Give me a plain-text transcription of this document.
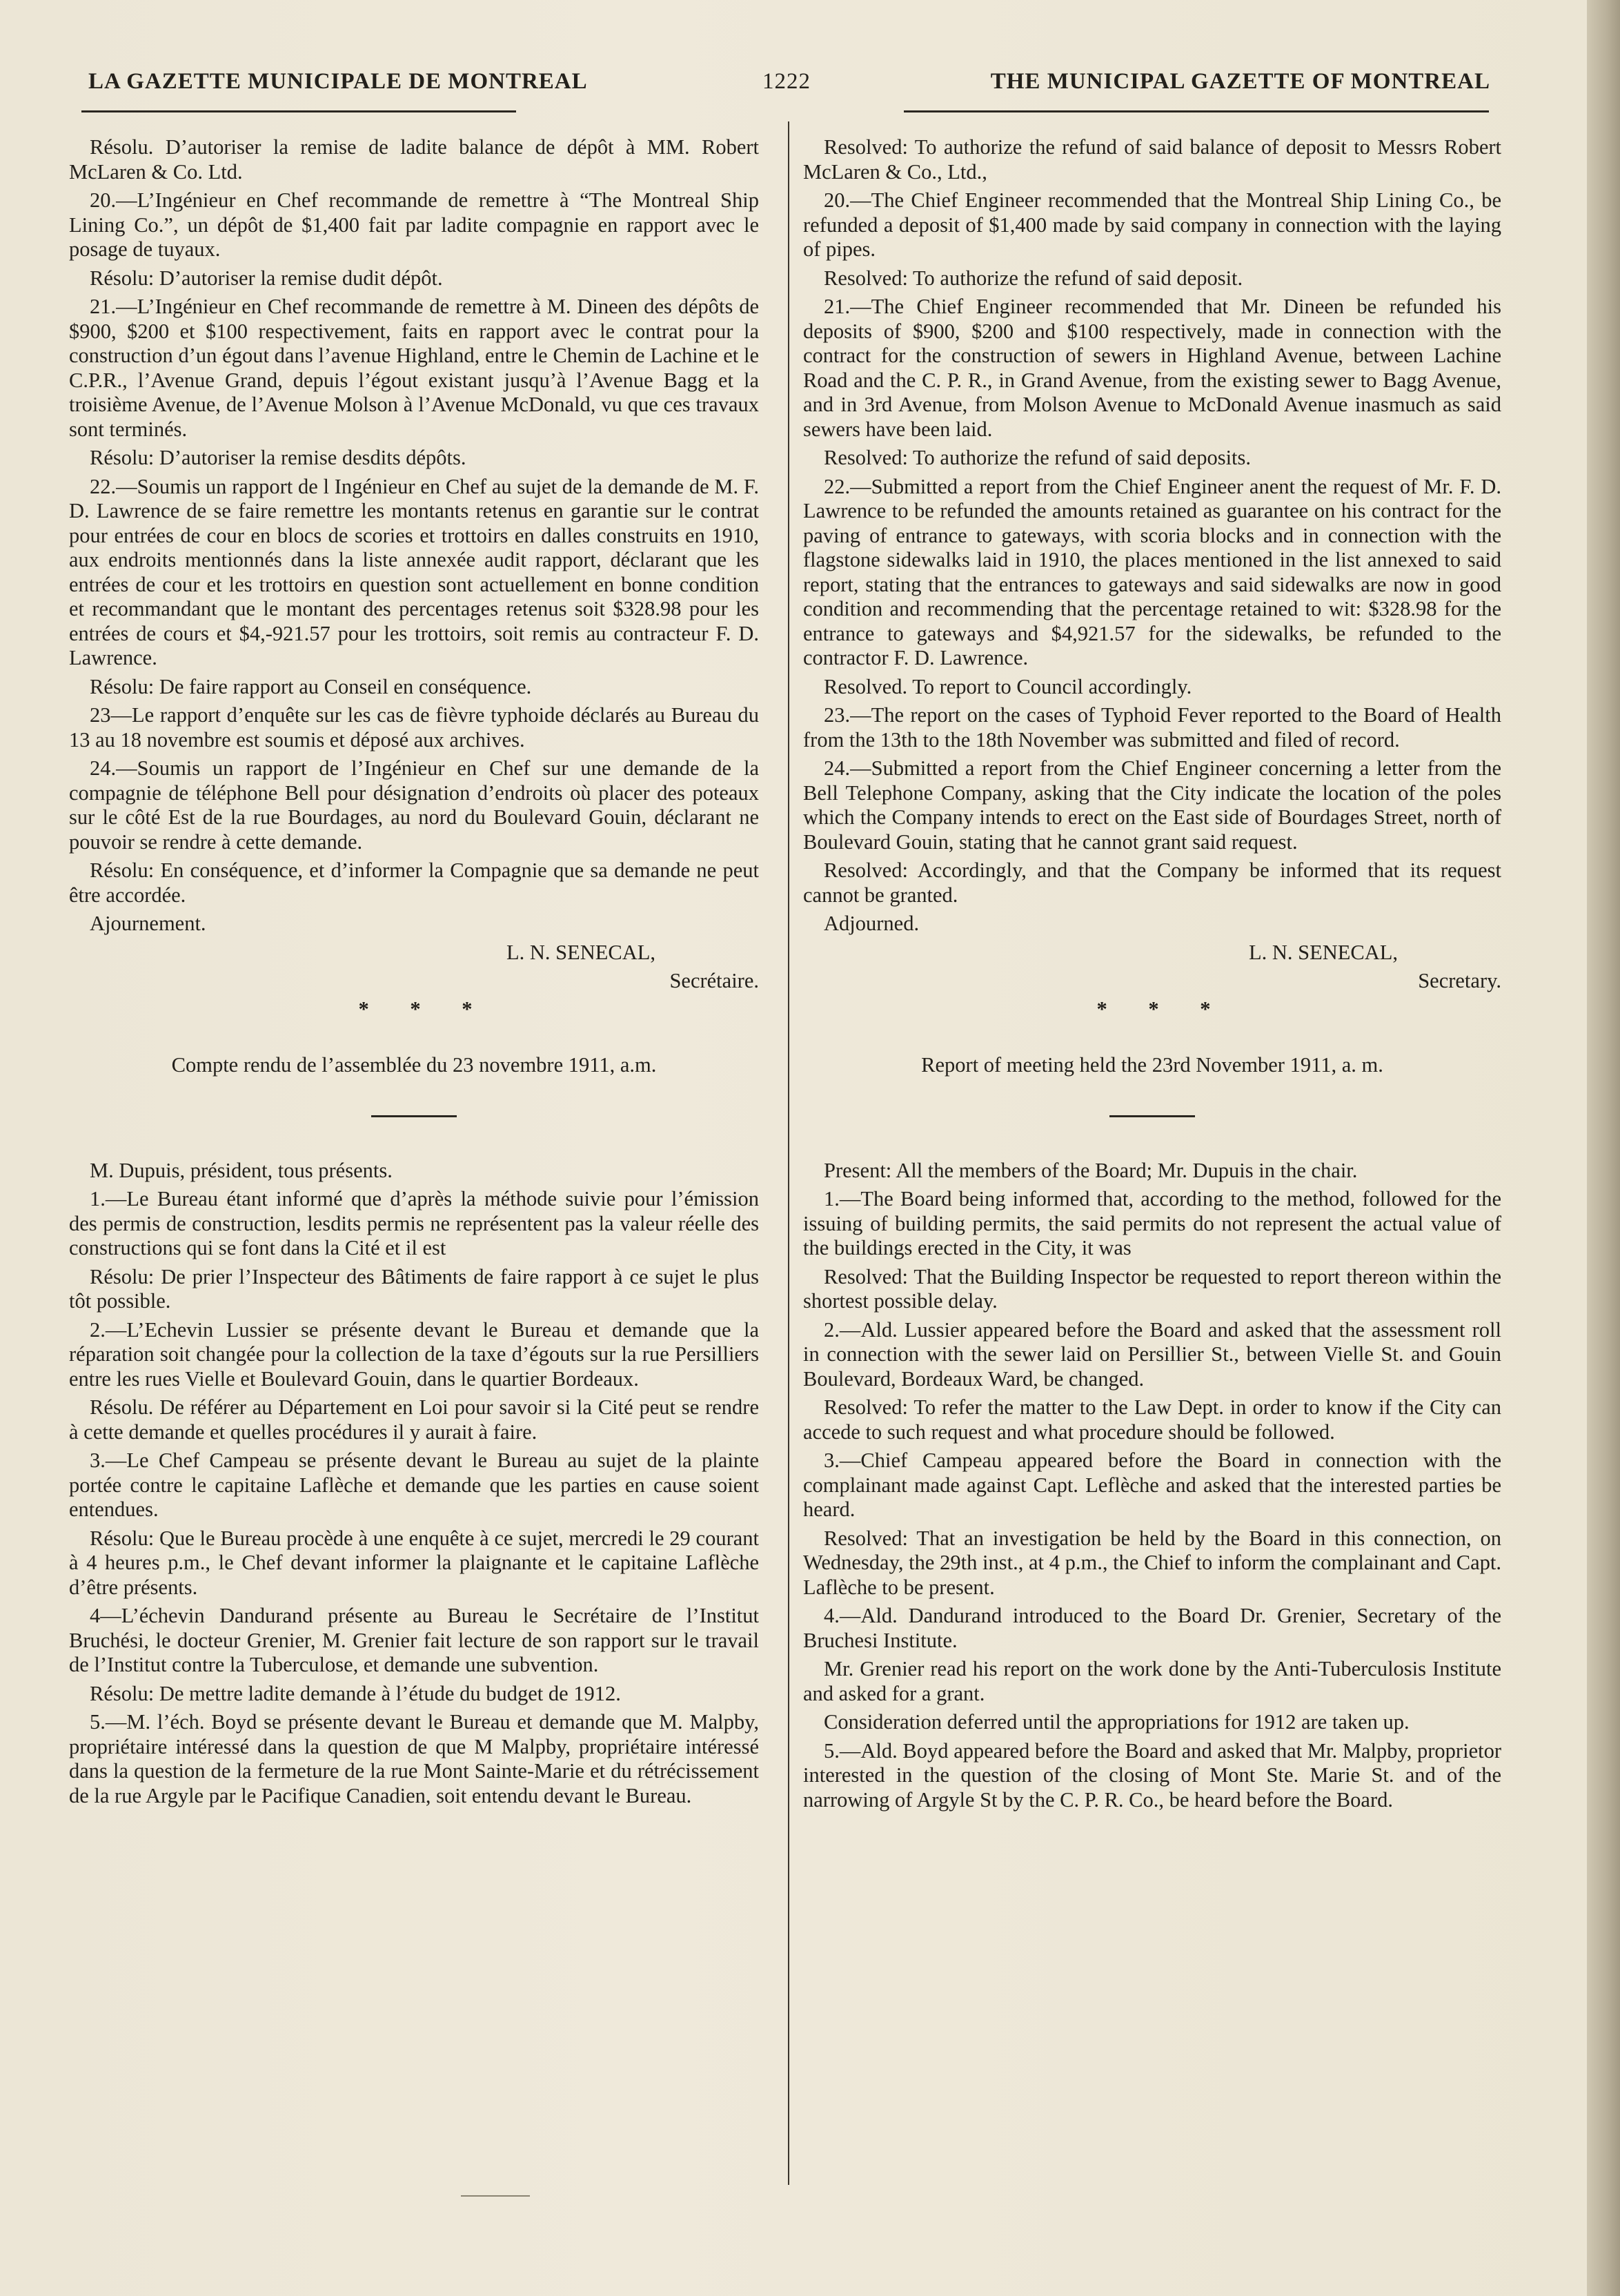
LA GAZETTE MUNICIPALE DE MONTREAL	1222	THE MUNICIPAL GAZETTE OF MONTREAL

Résolu. D’autoriser la remise de ladite balance de dépôt à MM. Robert McLaren & Co. Ltd.

20.—L’Ingénieur en Chef recommande de remettre à “The Montreal Ship Lining Co.”, un dépôt de $1,400 fait par ladite compagnie en rapport avec le posage de tuyaux.

Résolu: D’autoriser la remise dudit dépôt.

21.—L’Ingénieur en Chef recommande de remettre à M. Dineen des dépôts de $900, $200 et $100 respectivement, faits en rapport avec le contrat pour la construction d’un égout dans l’avenue Highland, entre le Chemin de Lachine et le C.P.R., l’Avenue Grand, depuis l’égout existant jusqu’à l’Avenue Bagg et la troisième Avenue, de l’Avenue Molson à l’Avenue McDonald, vu que ces travaux sont terminés.

Résolu: D’autoriser la remise desdits dépôts.

22.—Soumis un rapport de l Ingénieur en Chef au sujet de la demande de M. F. D. Lawrence de se faire remettre les montants retenus en garantie sur le contrat pour entrées de cour en blocs de scories et trottoirs en dalles construits en 1910, aux endroits mentionnés dans la liste annexée audit rapport, déclarant que les entrées de cour et les trottoirs en question sont actuellement en bonne condition et recommandant que le montant des percentages retenus soit $328.98 pour les entrées de cours et $4,-921.57 pour les trottoirs, soit remis au contracteur F. D. Lawrence.

Résolu: De faire rapport au Conseil en conséquence.

23—Le rapport d’enquête sur les cas de fièvre typhoide déclarés au Bureau du 13 au 18 novembre est soumis et déposé aux archives.

24.—Soumis un rapport de l’Ingénieur en Chef sur une demande de la compagnie de téléphone Bell pour désignation d’endroits où placer des poteaux sur le côté Est de la rue Bourdages, au nord du Boulevard Gouin, déclarant ne pouvoir se rendre à cette demande.

Résolu: En conséquence, et d’informer la Compagnie que sa demande ne peut être accordée.

Ajournement.

L. N. SENECAL,

Secrétaire.

* * *

Compte rendu de l’assemblée du 23 novembre 1911, a.m.

M. Dupuis, président, tous présents.

1.—Le Bureau étant informé que d’après la méthode suivie pour l’émission des permis de construction, lesdits permis ne représentent pas la valeur réelle des constructions qui se font dans la Cité et il est

Résolu: De prier l’Inspecteur des Bâtiments de faire rapport à ce sujet le plus tôt possible.

2.—L’Echevin Lussier se présente devant le Bureau et demande que la réparation soit changée pour la collection de la taxe d’égouts sur la rue Persilliers entre les rues Vielle et Boulevard Gouin, dans le quartier Bordeaux.

Résolu. De référer au Département en Loi pour savoir si la Cité peut se rendre à cette demande et quelles procédures il y aurait à faire.

3.—Le Chef Campeau se présente devant le Bureau au sujet de la plainte portée contre le capitaine Laflèche et demande que les parties en cause soient entendues.

Résolu: Que le Bureau procède à une enquête à ce sujet, mercredi le 29 courant à 4 heures p.m., le Chef devant informer la plaignante et le capitaine Laflèche d’être présents.

4—L’échevin Dandurand présente au Bureau le Secrétaire de l’Institut Bruchési, le docteur Grenier, M. Grenier fait lecture de son rapport sur le travail de l’Institut contre la Tuberculose, et demande une subvention.

Résolu: De mettre ladite demande à l’étude du budget de 1912.

5.—M. l’éch. Boyd se présente devant le Bureau et demande que M. Malpby, propriétaire intéressé dans la question de que M Malpby, propriétaire intéressé dans la question de la fermeture de la rue Mont Sainte-Marie et du rétrécissement de la rue Argyle par le Pacifique Canadien, soit entendu devant le Bureau.

Resolved: To authorize the refund of said balance of deposit to Messrs Robert McLaren & Co., Ltd.,

20.—The Chief Engineer recommended that the Montreal Ship Lining Co., be refunded a deposit of $1,400 made by said company in connection with the laying of pipes.

Resolved: To authorize the refund of said deposit.

21.—The Chief Engineer recommended that Mr. Dineen be refunded his deposits of $900, $200 and $100 respectively, made in connection with the contract for the construction of sewers in Highland Avenue, between Lachine Road and the C. P. R., in Grand Avenue, from the existing sewer to Bagg Avenue, and in 3rd Avenue, from Molson Avenue to McDonald Avenue inasmuch as said sewers have been laid.

Resolved: To authorize the refund of said deposits.

22.—Submitted a report from the Chief Engineer anent the request of Mr. F. D. Lawrence to be refunded the amounts retained as guarantee on his contract for the paving of entrance to gateways, with scoria blocks and in connection with the flagstone sidewalks laid in 1910, the places mentioned in the list annexed to said report, stating that the entrances to gateways and said sidewalks are now in good condition and recommending that the percentage retained to wit: $328.98 for the entrance to gateways and $4,921.57 for the sidewalks, be refunded to the contractor F. D. Lawrence.

Resolved. To report to Council accordingly.

23.—The report on the cases of Typhoid Fever reported to the Board of Health from the 13th to the 18th November was submitted and filed of record.

24.—Submitted a report from the Chief Engineer concerning a letter from the Bell Telephone Company, asking that the City indicate the location of the poles which the Company intends to erect on the East side of Bourdages Street, north of Boulevard Gouin, stating that he cannot grant said request.

Resolved: Accordingly, and that the Company be informed that its request cannot be granted.

Adjourned.

L. N. SENECAL,

Secretary.

* * *

Report of meeting held the 23rd November 1911, a. m.

Present: All the members of the Board; Mr. Dupuis in the chair.

1.—The Board being informed that, according to the method, followed for the issuing of building permits, the said permits do not represent the actual value of the buildings erected in the City, it was

Resolved: That the Building Inspector be requested to report thereon within the shortest possible delay.

2.—Ald. Lussier appeared before the Board and asked that the assessment roll in connection with the sewer laid on Persillier St., between Vielle St. and Gouin Boulevard, Bordeaux Ward, be changed.

Resolved: To refer the matter to the Law Dept. in order to know if the City can accede to such request and what procedure should be followed.

3.—Chief Campeau appeared before the Board in connection with the complainant made against Capt. Leflèche and asked that the interested parties be heard.

Resolved: That an investigation be held by the Board in this connection, on Wednesday, the 29th inst., at 4 p.m., the Chief to inform the complainant and Capt. Laflèche to be present.

4.—Ald. Dandurand introduced to the Board Dr. Grenier, Secretary of the Bruchesi Institute.

Mr. Grenier read his report on the work done by the Anti-Tuberculosis Institute and asked for a grant.

Consideration deferred until the appropriations for 1912 are taken up.

5.—Ald. Boyd appeared before the Board and asked that Mr. Malpby, proprietor interested in the question of the closing of Mont Ste. Marie St. and of the narrowing of Argyle St by the C. P. R. Co., be heard before the Board.
